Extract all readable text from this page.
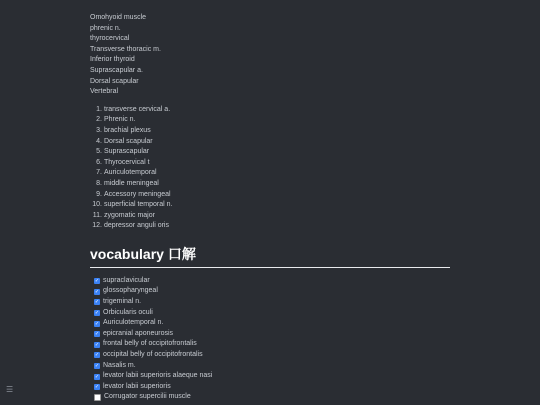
Omohyoid muscle
phrenic n.
thyrocervical
Transverse thoracic m.
Inferior thyroid
Suprascapular a.
Dorsal scapular
Vertebral
1. transverse cervical a.
2. Phrenic n.
3. brachial plexus
4. Dorsal scapular
5. Suprascapular
6. Thyrocervical t
7. Auriculotemporal
8. middle meningeal
9. Accessory meningeal
10. superficial temporal n.
11. zygomatic major
12. depressor anguli oris
vocabulary 口解
✓ supraclavicular
✓ glossopharyngeal
✓ trigeminal n.
✓ Orbicularis oculi
✓ Auriculotemporal n.
✓ epicranial aponeurosis
✓ frontal belly of occipitofrontalis
✓ occipital belly of occipitofrontalis
✓ Nasalis m.
✓ levator labii superioris alaeque nasi
✓ levator labii superioris
Corrugator supercilii muscle
☰
